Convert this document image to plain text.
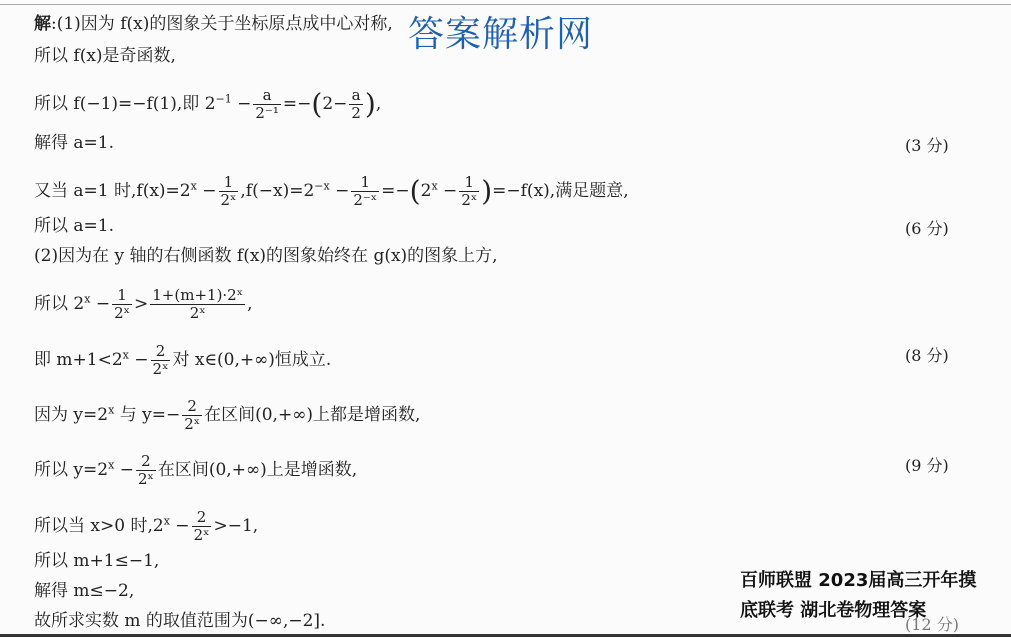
答案解析网
解:(1)因为 f(x)的图象关于坐标原点成中心对称,
所以 f(x)是奇函数,
所以 f(−1)=−f(1),即 $2^{-1} - \frac{a}{\text{2⁻¹}} =-(2- \frac{a}{2}$ ),
解得 a=1.	(3 分)
又当 a=1 时$,f(x)=2^x - \frac{1}{\text{2ˣ}} ,f(-x)=2^{-x} - \frac{1}{\text{2⁻ˣ}} =-(2^x - \frac{1}{\text{2ˣ}} )=-f(x)$,满足题意,
所以 a=1.	(6 分)
(2)因为在 y 轴的右侧函数 f(x)的图象始终在 g(x)的图象上方,
所以 $2^x - \frac{1}{\text{2ˣ}} > \frac{\text{1+(m+1)·2ˣ}}{\text{2ˣ}}$ ,
即 $m+1<2^x - \frac{2}{\text{2ˣ}}$ 对 x∈(0,+∞)恒成立.	(8 分)
因为 $y=2^x$ 与 $y=- \frac{2}{\text{2ˣ}}$ 在区间(0,+∞)上都是增函数,
所以 $y=2^x - \frac{2}{\text{2ˣ}}$ 在区间(0,+∞)上是增函数,	(9 分)
所以当 x>0 时$,2^x - \frac{2}{\text{2ˣ}} >-1$,
所以 m+1≤−1,
解得 m≤−2,
故所求实数 m 的取值范围为(−∞,−2].	(12 分)
百师联盟 2023届高三开年摸
底联考 湖北卷物理答案
